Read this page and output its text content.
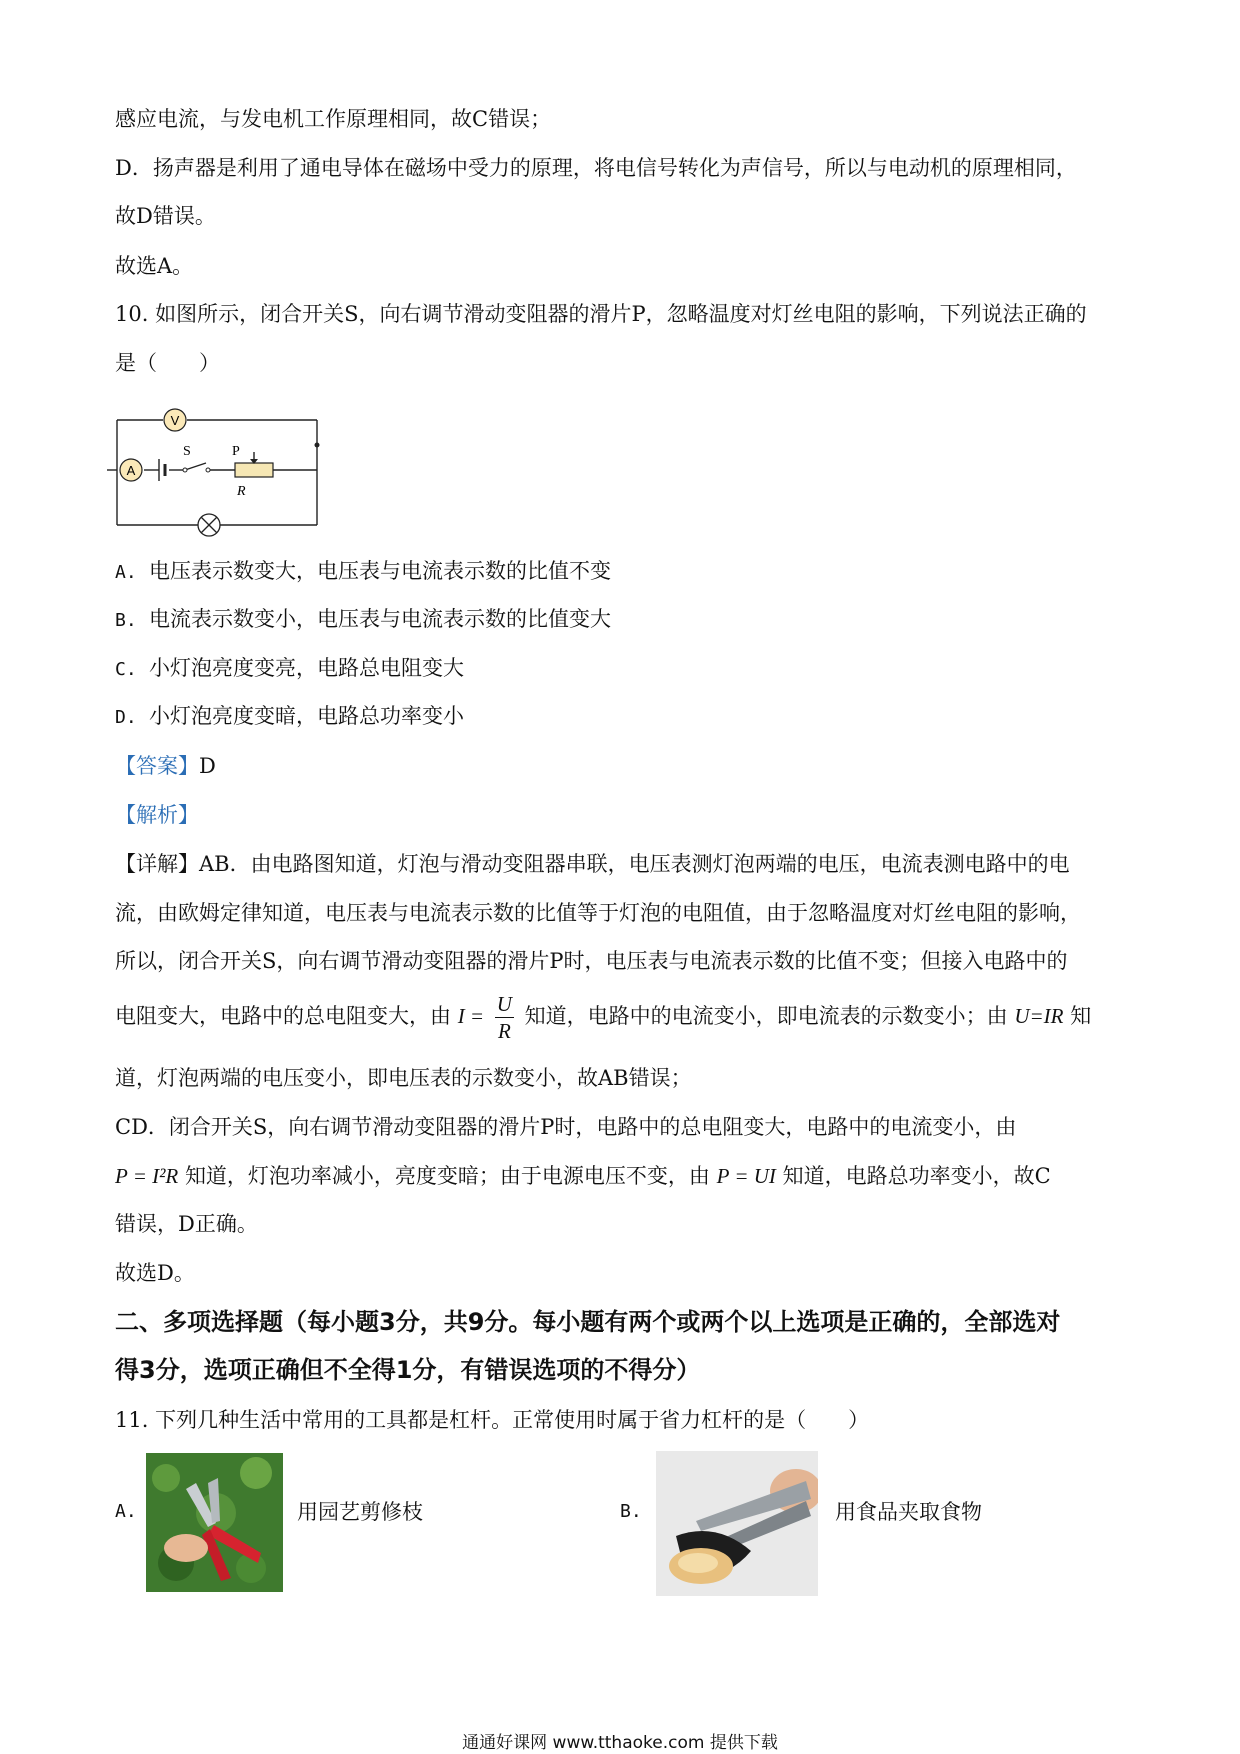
感应电流，与发电机工作原理相同，故C错误；
D．扬声器是利用了通电导体在磁场中受力的原理，将电信号转化为声信号，所以与电动机的原理相同，
故D错误。
故选A。
10. 如图所示，闭合开关S，向右调节滑动变阻器的滑片P，忽略温度对灯丝电阻的影响，下列说法正确的
是（　　）
V
A
S	P
R
A. 电压表示数变大，电压表与电流表示数的比值不变
B. 电流表示数变小，电压表与电流表示数的比值变大
C. 小灯泡亮度变亮，电路总电阻变大
D. 小灯泡亮度变暗，电路总功率变小
【答案】D
【解析】
【详解】AB．由电路图知道，灯泡与滑动变阻器串联，电压表测灯泡两端的电压，电流表测电路中的电
流，由欧姆定律知道，电压表与电流表示数的比值等于灯泡的电阻值，由于忽略温度对灯丝电阻的影响，
所以，闭合开关S，向右调节滑动变阻器的滑片P时，电压表与电流表示数的比值不变；但接入电路中的
电阻变大，电路中的总电阻变大，由 $I = \frac{U}{R}$ 知道，电路中的电流变小，即电流表的示数变小；由 U=IR 知
道，灯泡两端的电压变小，即电压表的示数变小，故AB错误；
CD．闭合开关S，向右调节滑动变阻器的滑片P时，电路中的总电阻变大，电路中的电流变小，由
P = I²R 知道，灯泡功率减小，亮度变暗；由于电源电压不变，由 P = UI 知道，电路总功率变小，故C
错误，D正确。
故选D。
二、多项选择题（每小题3分，共9分。每小题有两个或两个以上选项是正确的，全部选对
得3分，选项正确但不全得1分，有错误选项的不得分）
11. 下列几种生活中常用的工具都是杠杆。正常使用时属于省力杠杆的是（　　）
A.	用园艺剪修枝	B.	用食品夹取食物
通通好课网 www.tthaoke.com 提供下载
